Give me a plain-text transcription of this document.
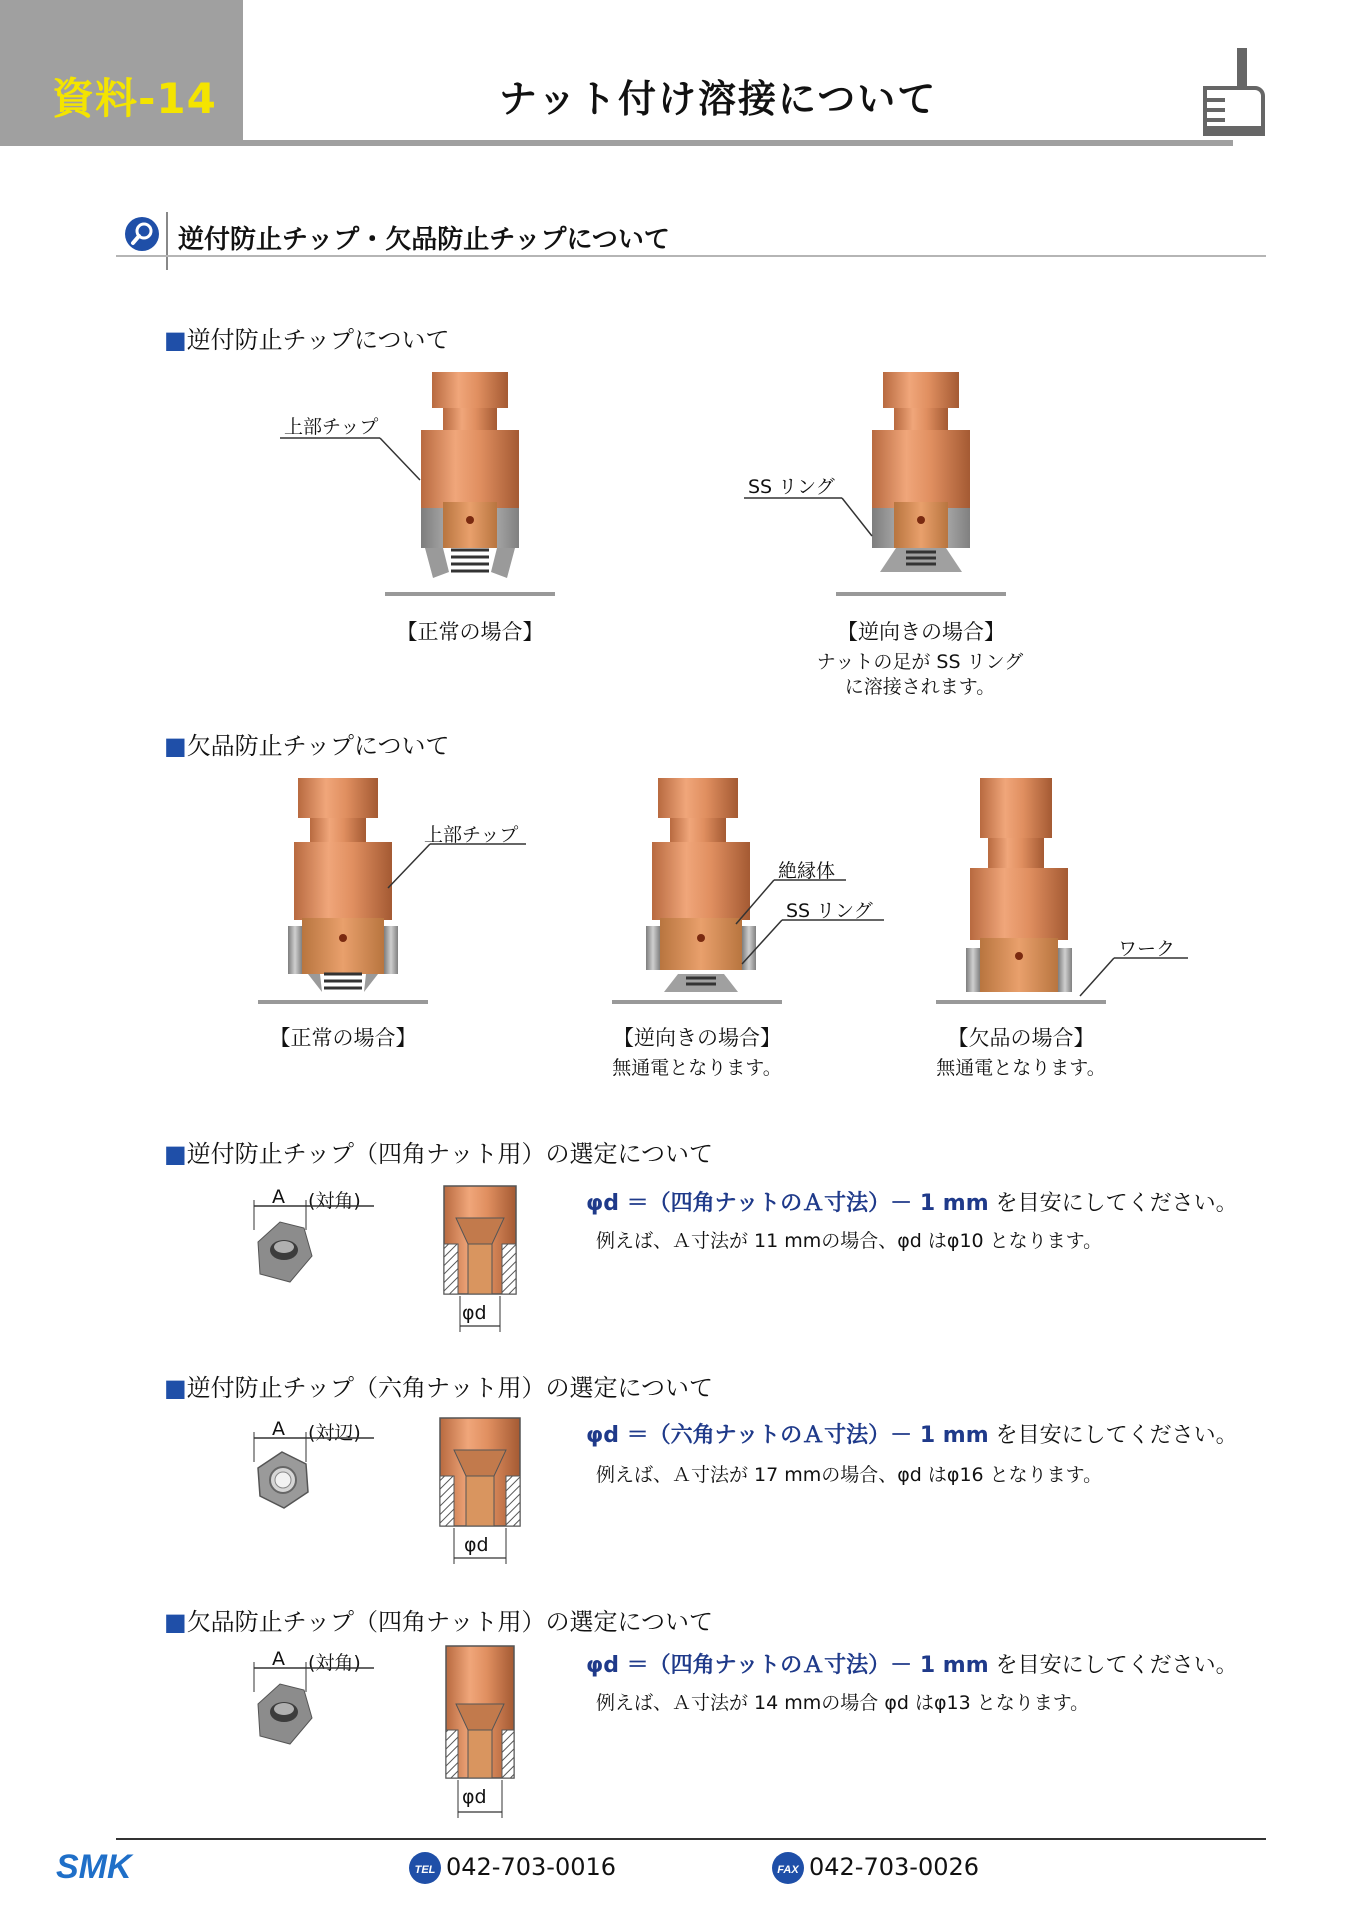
資料-14	ナット付け溶接について
逆付防止チップ・欠品防止チップについて
■逆付防止チップについて
上部チップ
【正常の場合】
SS リング
【逆向きの場合】
ナットの足が SS リング
に溶接されます。
■欠品防止チップについて
上部チップ
【正常の場合】
絶縁体
SS リング
【逆向きの場合】
無通電となります。
ワーク
【欠品の場合】
無通電となります。
■逆付防止チップ（四角ナット用）の選定について
A (対角)
φd
φd ＝（四角ナットのＡ寸法）－ 1 mm を目安にしてください。
例えば、Ａ寸法が 11 mmの場合、φd はφ10 となります。
■逆付防止チップ（六角ナット用）の選定について
A (対辺)
φd
φd ＝（六角ナットのＡ寸法）－ 1 mm を目安にしてください。
例えば、Ａ寸法が 17 mmの場合、φd はφ16 となります。
■欠品防止チップ（四角ナット用）の選定について
A (対角)
φd
φd ＝（四角ナットのＡ寸法）－ 1 mm を目安にしてください。
例えば、Ａ寸法が 14 mmの場合 φd はφ13 となります。
SMK	TEL 042-703-0016	FAX 042-703-0026
